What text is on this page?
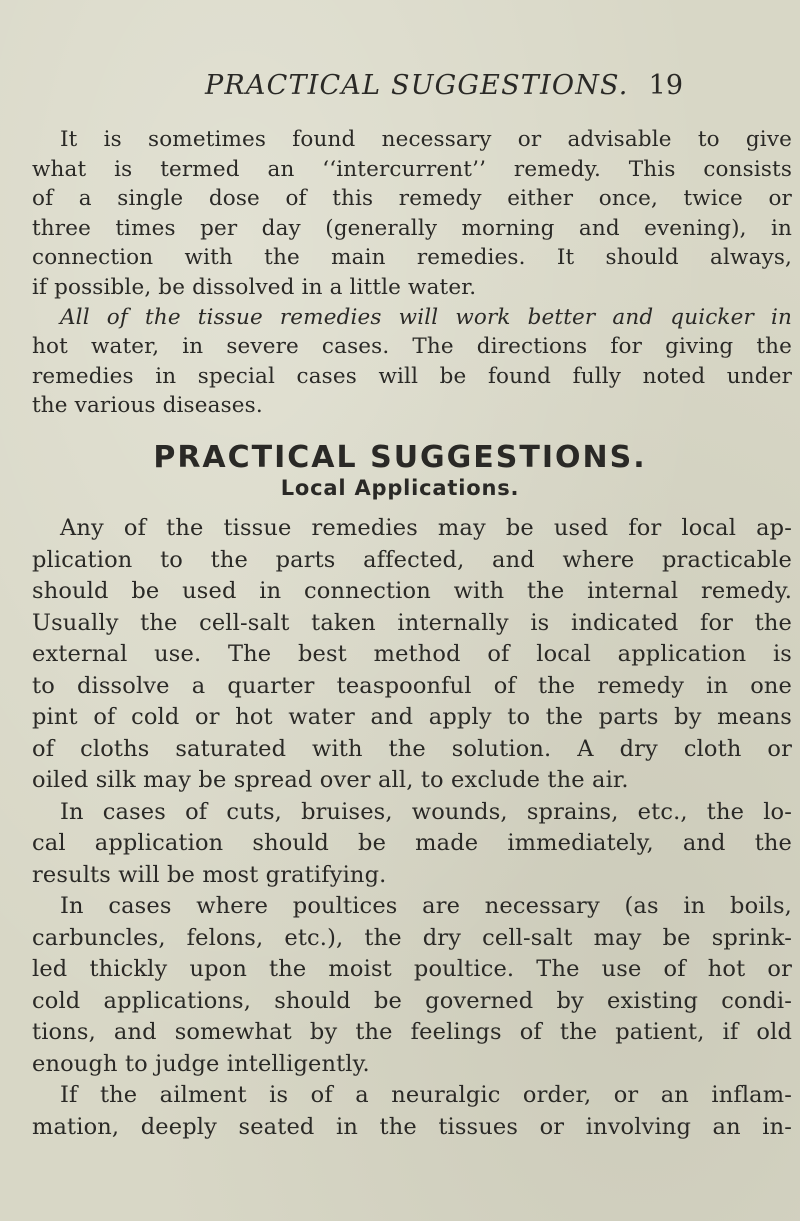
PRACTICAL SUGGESTIONS. 19
It is sometimes found necessary or advisable to give
what is termed an ‘‘intercurrent’’ remedy. This consists
of a single dose of this remedy either once, twice or
three times per day (generally morning and evening), in
connection with the main remedies. It should always,
if possible, be dissolved in a little water.
All of the tissue remedies will work better and quicker in
hot water, in severe cases. The directions for giving the
remedies in special cases will be found fully noted under
the various diseases.
PRACTICAL SUGGESTIONS.
Local Applications.
Any of the tissue remedies may be used for local ap-
plication to the parts affected, and where practicable
should be used in connection with the internal remedy.
Usually the cell-salt taken internally is indicated for the
external use. The best method of local application is
to dissolve a quarter teaspoonful of the remedy in one
pint of cold or hot water and apply to the parts by means
of cloths saturated with the solution. A dry cloth or
oiled silk may be spread over all, to exclude the air.
In cases of cuts, bruises, wounds, sprains, etc., the lo-
cal application should be made immediately, and the
results will be most gratifying.
In cases where poultices are necessary (as in boils,
carbuncles, felons, etc.), the dry cell-salt may be sprink-
led thickly upon the moist poultice. The use of hot or
cold applications, should be governed by existing condi-
tions, and somewhat by the feelings of the patient, if old
enough to judge intelligently.
If the ailment is of a neuralgic order, or an inflam-
mation, deeply seated in the tissues or involving an in-
